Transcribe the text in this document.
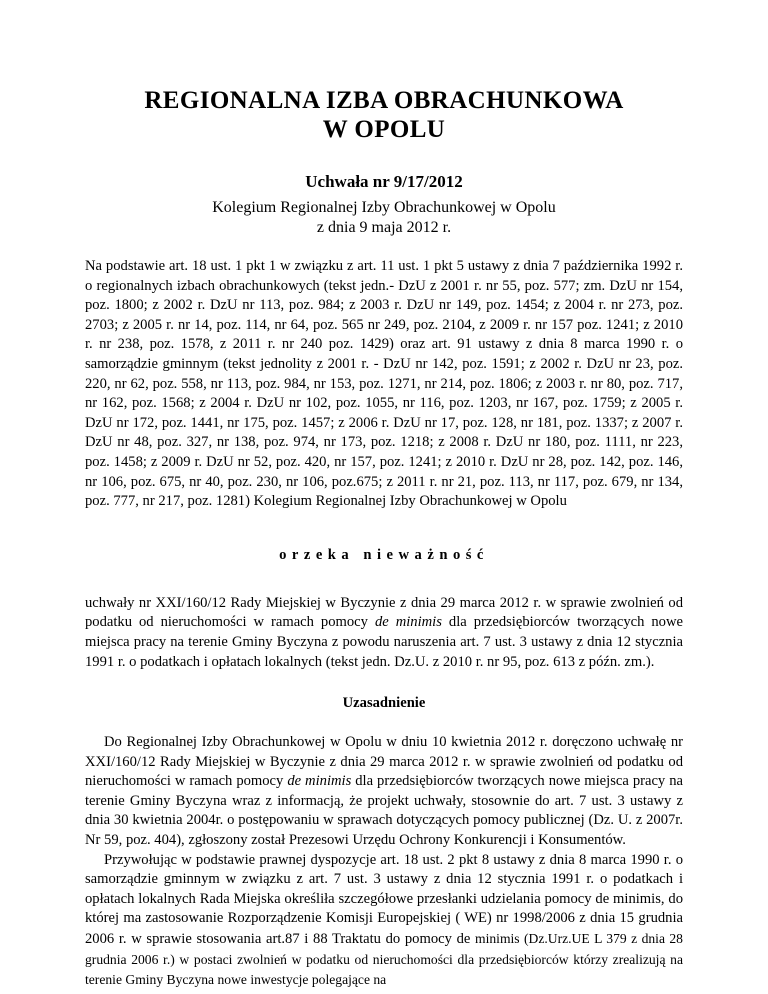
REGIONALNA IZBA OBRACHUNKOWA
W OPOLU
Uchwała nr 9/17/2012
Kolegium Regionalnej Izby Obrachunkowej w Opolu
z dnia 9 maja 2012 r.

Na podstawie art. 18 ust. 1 pkt 1 w związku z art. 11 ust. 1 pkt 5 ustawy z dnia 7 października 1992 r. o regionalnych izbach obrachunkowych (tekst jedn.- DzU z 2001 r. nr 55, poz. 577; zm. DzU nr 154, poz. 1800; z 2002 r. DzU nr 113, poz. 984; z 2003 r. DzU nr 149, poz. 1454; z 2004 r. nr 273, poz. 2703; z 2005 r. nr 14, poz. 114, nr 64, poz. 565 nr 249, poz. 2104, z 2009 r. nr 157 poz. 1241; z 2010 r. nr 238, poz. 1578, z 2011 r. nr 240 poz. 1429) oraz art. 91 ustawy z dnia 8 marca 1990 r. o samorządzie gminnym (tekst jednolity z 2001 r. - DzU nr 142, poz. 1591; z 2002 r. DzU nr 23, poz. 220, nr 62, poz. 558, nr 113, poz. 984, nr 153, poz. 1271, nr 214, poz. 1806; z 2003 r. nr 80, poz. 717, nr 162, poz. 1568; z 2004 r. DzU nr 102, poz. 1055, nr 116, poz. 1203, nr 167, poz. 1759; z 2005 r. DzU nr 172, poz. 1441, nr 175, poz. 1457; z 2006 r. DzU nr 17, poz. 128, nr 181, poz. 1337; z 2007 r. DzU nr 48, poz. 327, nr 138, poz. 974, nr 173, poz. 1218; z 2008 r. DzU nr 180, poz. 1111, nr 223, poz. 1458; z 2009 r. DzU nr 52, poz. 420, nr 157, poz. 1241; z 2010 r. DzU nr 28, poz. 142, poz. 146, nr 106, poz. 675, nr 40, poz. 230, nr 106, poz.675; z 2011 r. nr 21, poz. 113, nr 117, poz. 679, nr 134, poz. 777, nr 217, poz. 1281) Kolegium Regionalnej Izby Obrachunkowej w Opolu

orzeka nieważność

uchwały nr XXI/160/12 Rady Miejskiej w Byczynie z dnia 29 marca 2012 r. w sprawie zwolnień od podatku od nieruchomości w ramach pomocy de minimis dla przedsiębiorców tworzących nowe miejsca pracy na terenie Gminy Byczyna z powodu naruszenia art. 7 ust. 3 ustawy z dnia 12 stycznia 1991 r. o podatkach i opłatach lokalnych (tekst jedn. Dz.U. z 2010 r. nr 95, poz. 613 z późn. zm.).

Uzasadnienie

Do Regionalnej Izby Obrachunkowej w Opolu w dniu 10 kwietnia 2012 r. doręczono uchwałę nr XXI/160/12 Rady Miejskiej w Byczynie z dnia 29 marca 2012 r. w sprawie zwolnień od podatku od nieruchomości w ramach pomocy de minimis dla przedsiębiorców tworzących nowe miejsca pracy na terenie Gminy Byczyna wraz z informacją, że projekt uchwały, stosownie do art. 7 ust. 3 ustawy z dnia 30 kwietnia 2004r. o postępowaniu w sprawach dotyczących pomocy publicznej (Dz. U. z 2007r. Nr 59, poz. 404), zgłoszony został Prezesowi Urzędu Ochrony Konkurencji i Konsumentów.

Przywołując w podstawie prawnej dyspozycje art. 18 ust. 2 pkt 8 ustawy z dnia 8 marca 1990 r. o samorządzie gminnym w związku z art. 7 ust. 3 ustawy z dnia 12 stycznia 1991 r. o podatkach i opłatach lokalnych Rada Miejska określiła szczegółowe przesłanki udzielania pomocy de minimis, do której ma zastosowanie Rozporządzenie Komisji Europejskiej ( WE) nr 1998/2006 z dnia 15 grudnia 2006 r. w sprawie stosowania art.87 i 88 Traktatu do pomocy de minimis (Dz.Urz.UE L 379 z dnia 28 grudnia 2006 r.) w postaci zwolnień w podatku od nieruchomości dla przedsiębiorców którzy zrealizują na terenie Gminy Byczyna nowe inwestycje polegające na
